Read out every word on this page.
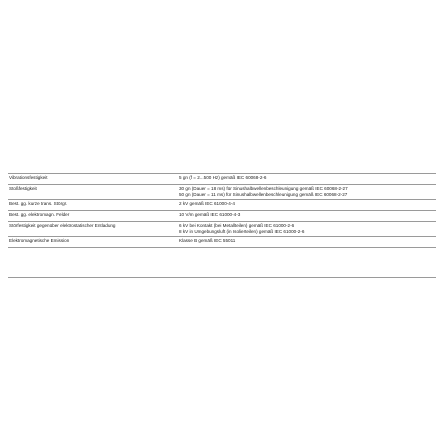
Vibrationsfestigkeit	5 gn (f = 2...500 Hz) gemäß IEC 60068-2-6
Stoßfestigkeit	30 gn (Dauer = 18 ms) für Sinushalbwellenbeschleunigung gemäß IEC 60068-2-27
50 gn (Dauer = 11 ms) für Sinushalbwellenbeschleunigung gemäß IEC 60068-2-27
Best. gg. kurze trans. Störgr.	2 kV gemäß IEC 61000-4-4
Best. gg. elektromagn. Felder	10 V/m gemäß IEC 61000-4-3
Störfestigkeit gegenüber elektrostatischer Entladung	6 kV bei Kontakt (bei Metallteilen) gemäß IEC 61000-2-6
8 kV in Umgebungsluft (in Isolierteilen) gemäß IEC 61000-2-6
Elektromagnetische Emission	Klasse B gemäß IEC 55011
